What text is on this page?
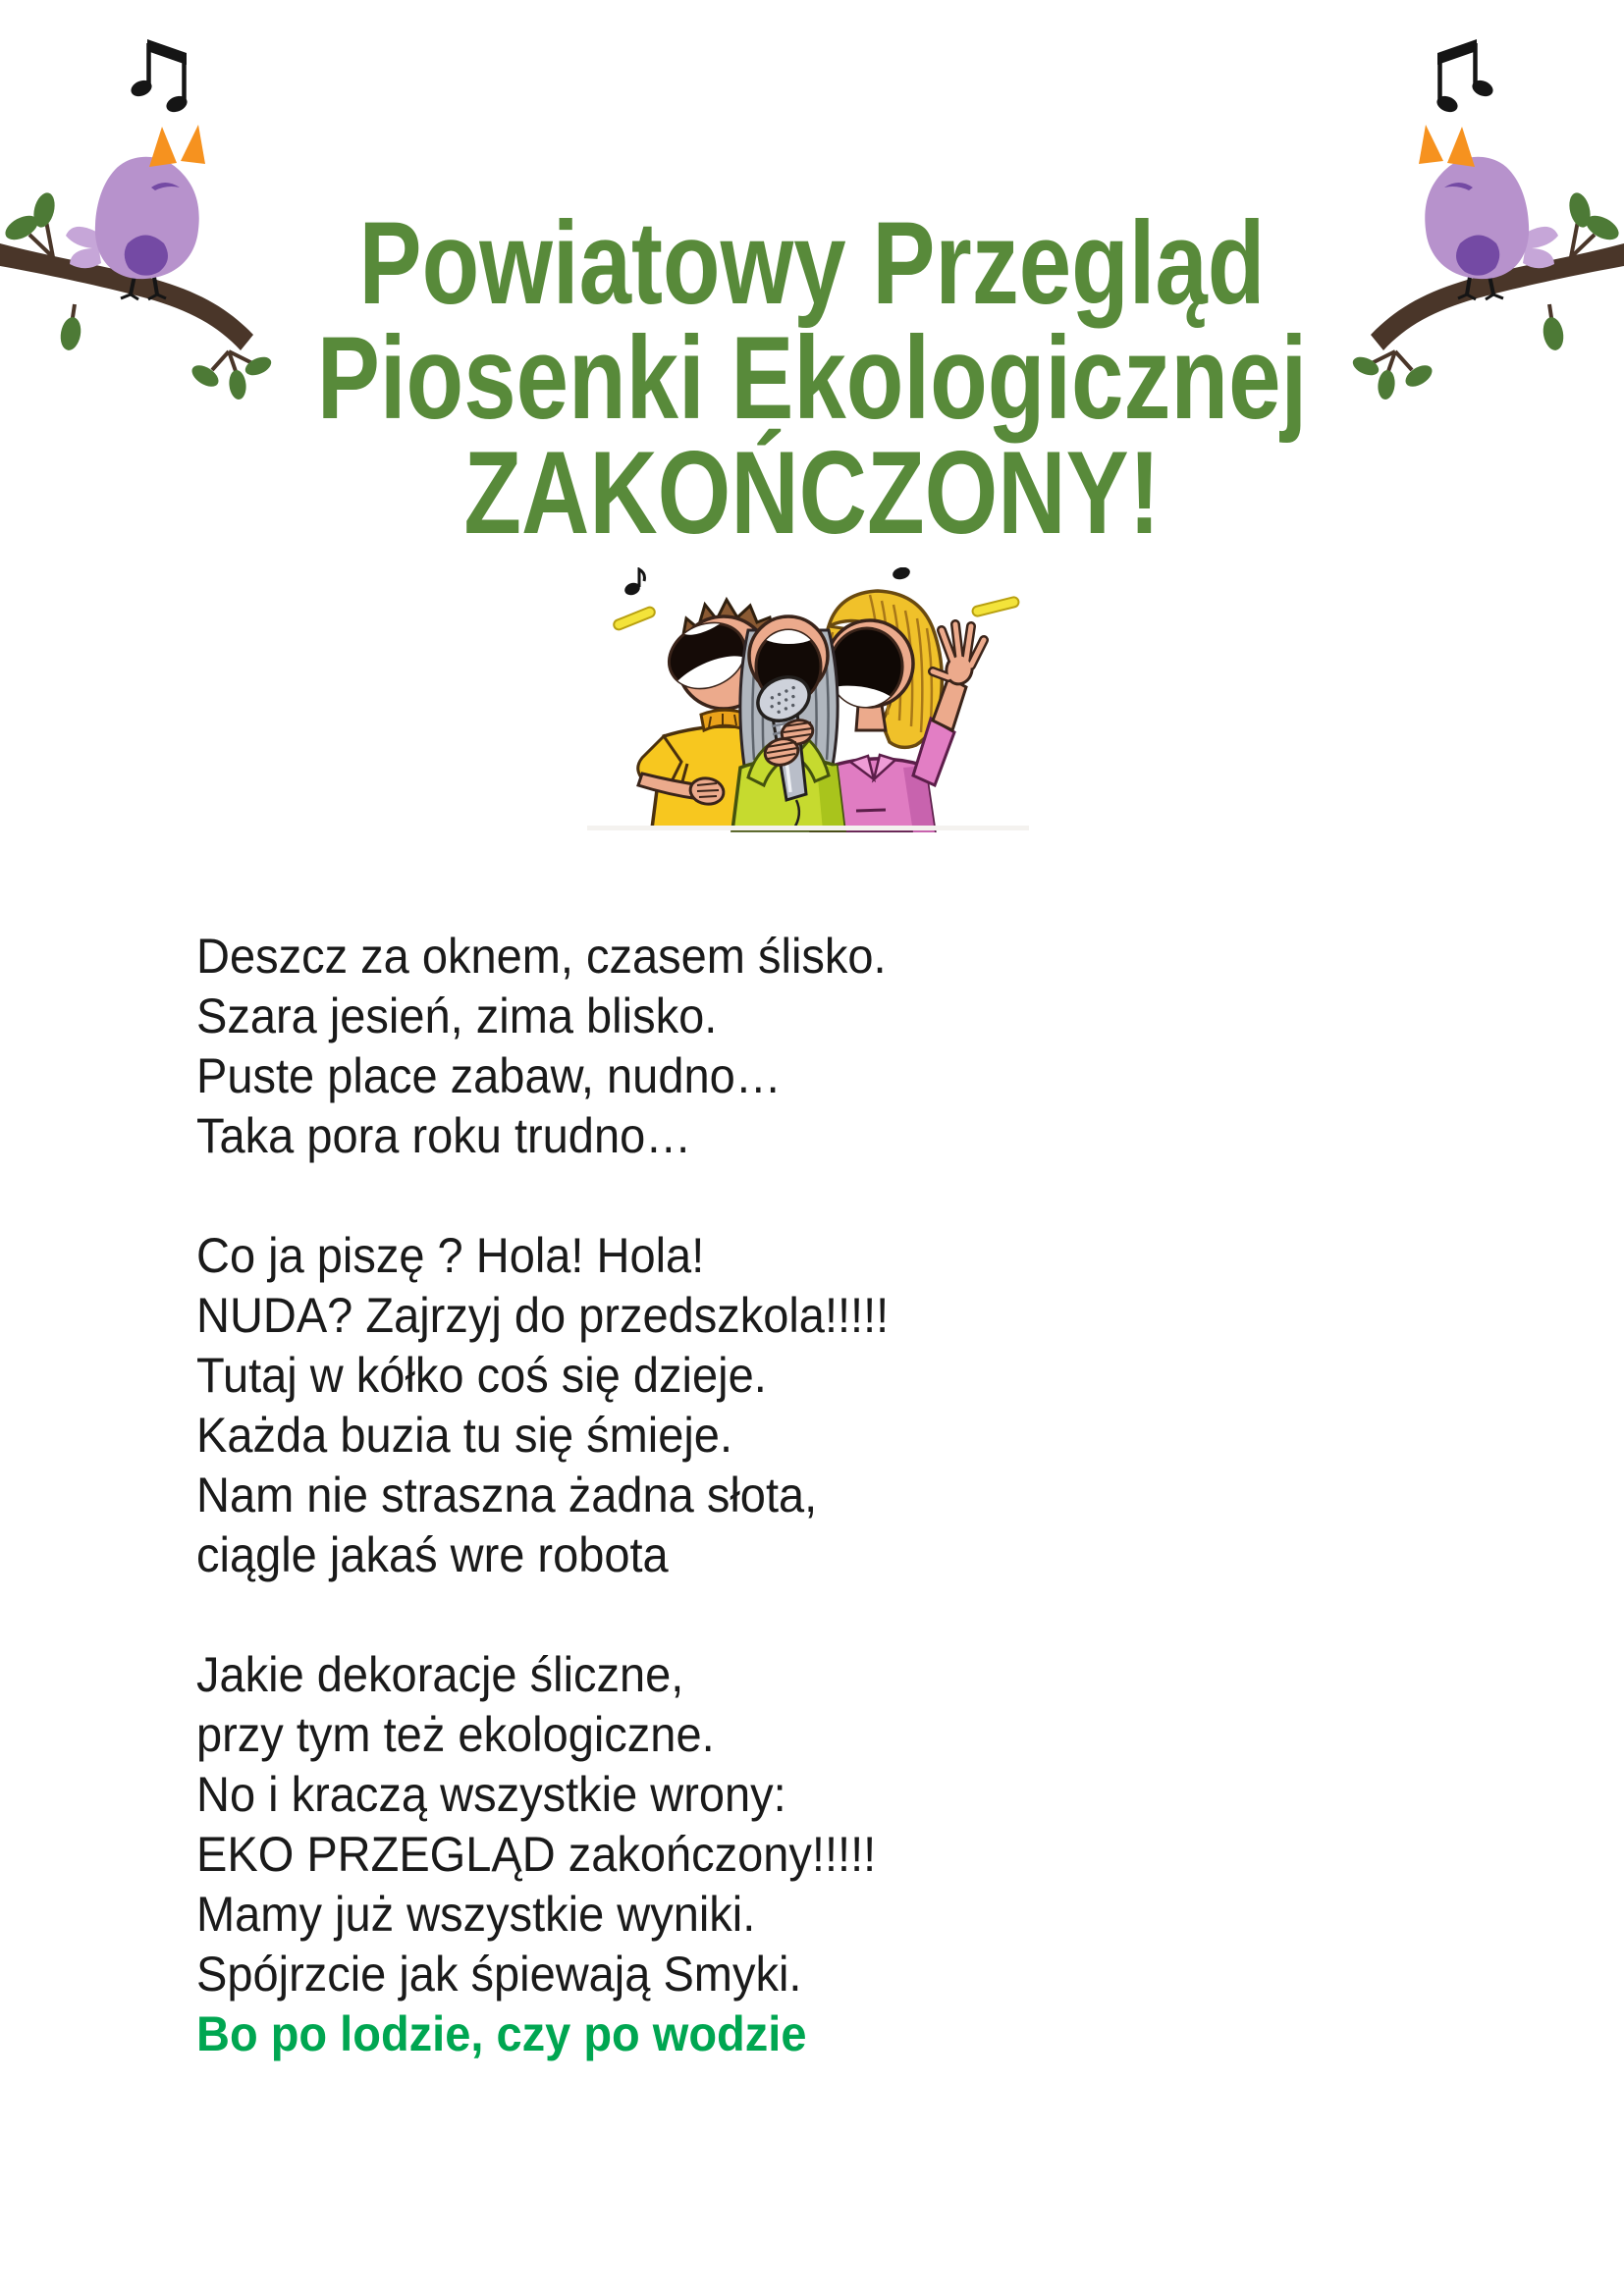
Powiatowy Przegląd
Piosenki Ekologicznej
ZAKOŃCZONY!
Deszcz za oknem, czasem ślisko.
Szara jesień, zima blisko.
Puste place zabaw, nudno…
Taka pora roku trudno…
Co ja piszę ? Hola! Hola!
NUDA? Zajrzyj do przedszkola!!!!!
Tutaj w kółko coś się dzieje.
Każda buzia tu się śmieje.
Nam nie straszna żadna słota,
ciągle jakaś wre robota
Jakie dekoracje śliczne,
przy tym też ekologiczne.
No i kraczą wszystkie wrony:
EKO PRZEGLĄD zakończony!!!!!
Mamy już wszystkie wyniki.
Spójrzcie jak śpiewają Smyki.
Bo po lodzie, czy po wodzie
